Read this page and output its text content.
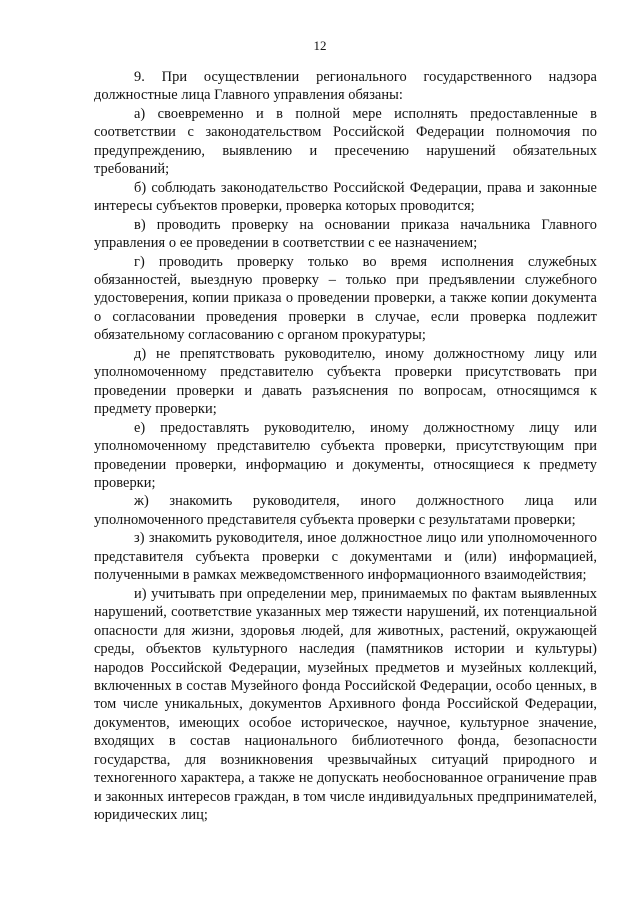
12

9. При осуществлении регионального государственного надзора должностные лица Главного управления обязаны:

а) своевременно и в полной мере исполнять предоставленные в соответствии с законодательством Российской Федерации полномочия по предупреждению, выявлению и пресечению нарушений обязательных требований;

б) соблюдать законодательство Российской Федерации, права и законные интересы субъектов проверки, проверка которых проводится;

в) проводить проверку на основании приказа начальника Главного управления о ее проведении в соответствии с ее назначением;

г) проводить проверку только во время исполнения служебных обязанностей, выездную проверку – только при предъявлении служебного удостоверения, копии приказа о проведении проверки, а также копии документа о согласовании проведения проверки в случае, если проверка подлежит обязательному согласованию с органом прокуратуры;

д) не препятствовать руководителю, иному должностному лицу или уполномоченному представителю субъекта проверки присутствовать при проведении проверки и давать разъяснения по вопросам, относящимся к предмету проверки;

е) предоставлять руководителю, иному должностному лицу или уполномоченному представителю субъекта проверки, присутствующим при проведении проверки, информацию и документы, относящиеся к предмету проверки;

ж) знакомить руководителя, иного должностного лица или уполномоченного представителя субъекта проверки с результатами проверки;

з) знакомить руководителя, иное должностное лицо или уполномоченного представителя субъекта проверки с документами и (или) информацией, полученными в рамках межведомственного информационного взаимодействия;

и) учитывать при определении мер, принимаемых по фактам выявленных нарушений, соответствие указанных мер тяжести нарушений, их потенциальной опасности для жизни, здоровья людей, для животных, растений, окружающей среды, объектов культурного наследия (памятников истории и культуры) народов Российской Федерации, музейных предметов и музейных коллекций, включенных в состав Музейного фонда Российской Федерации, особо ценных, в том числе уникальных, документов Архивного фонда Российской Федерации, документов, имеющих особое историческое, научное, культурное значение, входящих в состав национального библиотечного фонда, безопасности государства, для возникновения чрезвычайных ситуаций природного и техногенного характера, а также не допускать необоснованное ограничение прав и законных интересов граждан, в том числе индивидуальных предпринимателей, юридических лиц;
